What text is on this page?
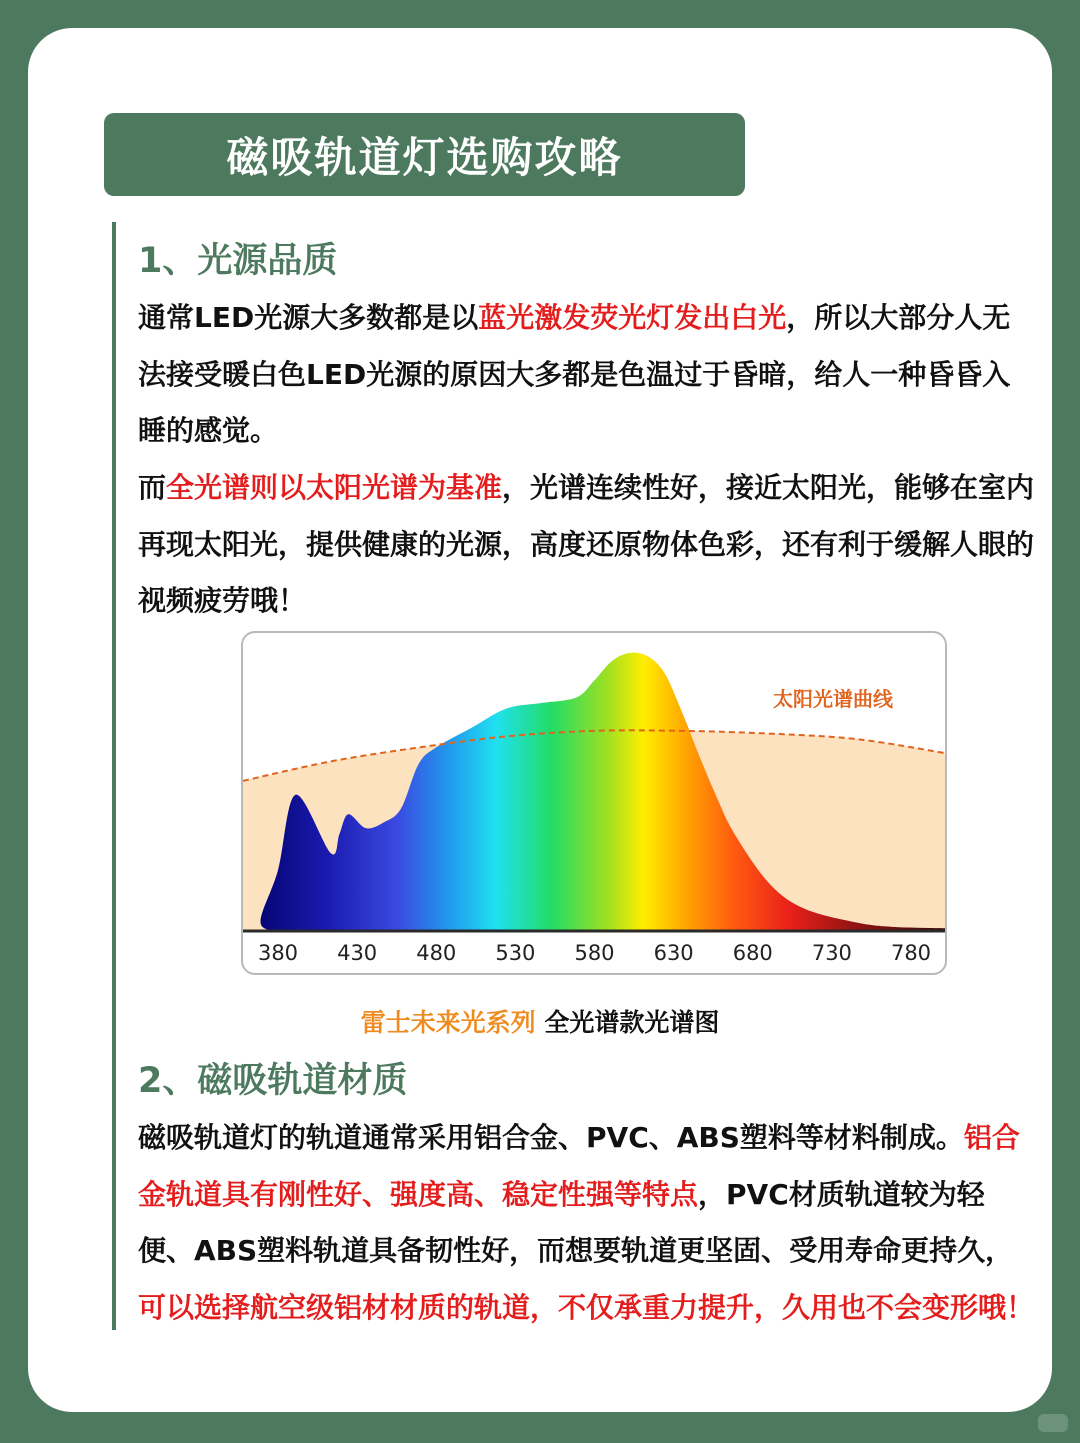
磁吸轨道灯选购攻略
1、光源品质
通常LED光源大多数都是以蓝光激发荧光灯发出白光，所以大部分人无法接受暖白色LED光源的原因大多都是色温过于昏暗，给人一种昏昏入睡的感觉。
而全光谱则以太阳光谱为基准，光谱连续性好，接近太阳光，能够在室内再现太阳光，提供健康的光源，高度还原物体色彩，还有利于缓解人眼的视频疲劳哦！
太阳光谱曲线
380 430 480 530 580 630 680 730 780
雷士未来光系列 全光谱款光谱图
2、磁吸轨道材质
磁吸轨道灯的轨道通常采用铝合金、PVC、ABS塑料等材料制成。铝合金轨道具有刚性好、强度高、稳定性强等特点，PVC材质轨道较为轻便、ABS塑料轨道具备韧性好，而想要轨道更坚固、受用寿命更持久，可以选择航空级铝材材质的轨道，不仅承重力提升，久用也不会变形哦！
